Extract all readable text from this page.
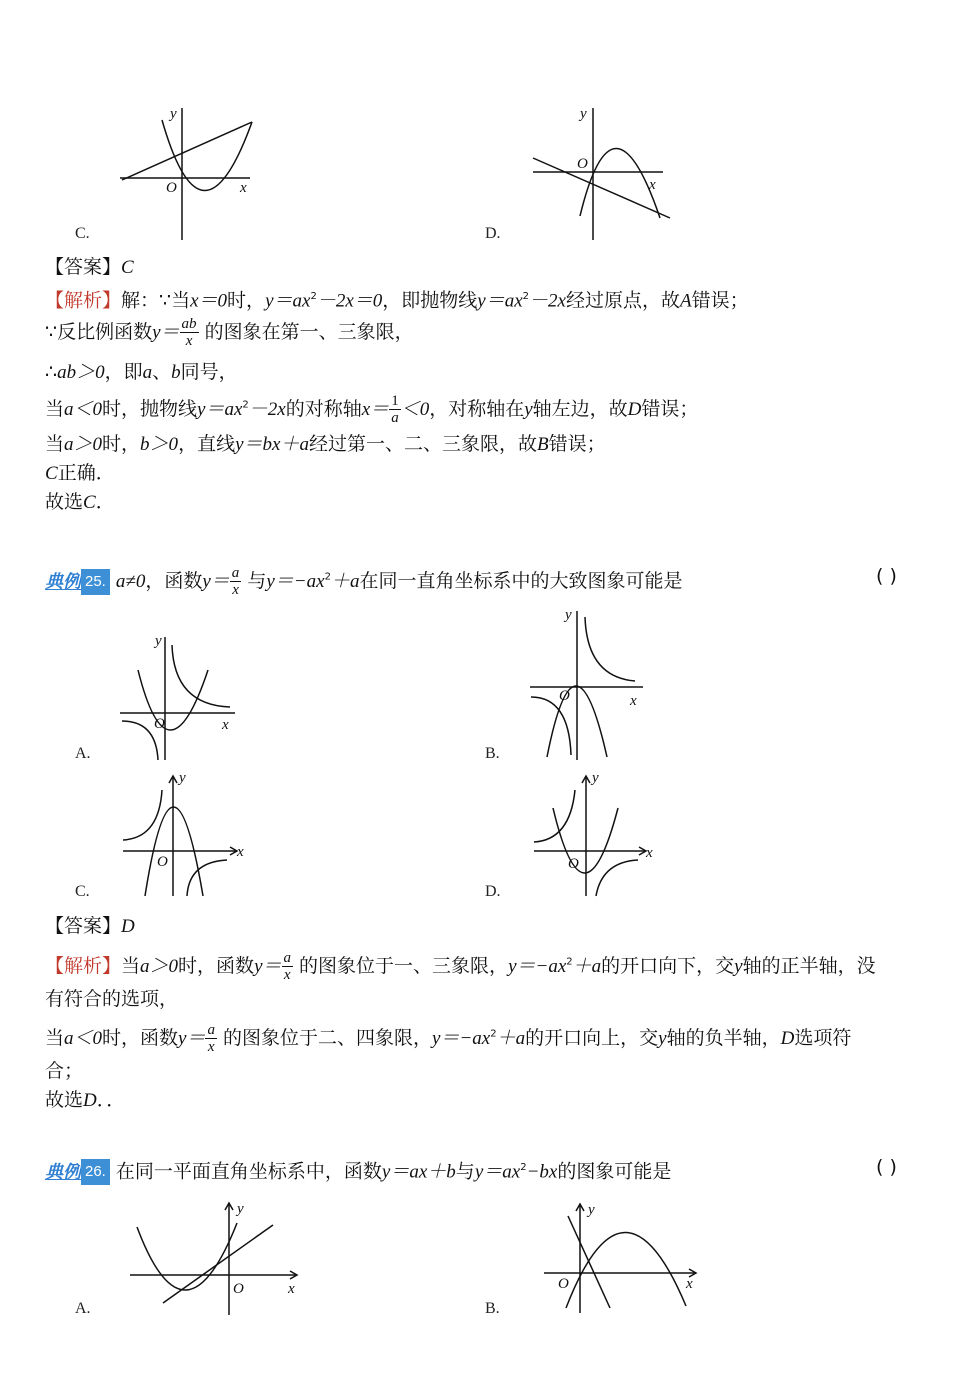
y
x
O
C.
y
x
O
D.
【答案】C
【解析】解：∵当x＝0时，$y=ax^2-2x=0$，即抛物线$y=ax^2-2x$经过原点，故A错误；
∵反比例函数$y= \frac{ab}{x}$ 的图象在第一、三象限，
∴ab＞0，即a、b同号，
当a＜0时，抛物线$y=ax^2-2x$的对称轴$x= \frac{1}{a} <0$，对称轴在y轴左边，故D错误；
当a＞0时，b＞0，直线y＝bx＋a经过第一、二、三象限，故B错误；
C正确．
故选C．
典例 25. a≠0，函数$y= \frac{a}{x}$ 与$y=-ax^2+a$在同一直角坐标系中的大致图象可能是	( )
y
x
O
A.
y
x
O
B.
y
x
O
C.
y
x
O
D.
【答案】D
【解析】当a＞0时，函数$y= \frac{a}{x}$ 的图象位于一、三象限，$y=-ax^2+a$的开口向下，交y轴的正半轴，没
有符合的选项，
当a＜0时，函数$y= \frac{a}{x}$ 的图象位于二、四象限，$y=-ax^2+a$的开口向上，交y轴的负半轴，D选项符
合；
故选D．．
典例 26. 在同一平面直角坐标系中，函数y＝ax＋b与$y=ax^2-bx$的图象可能是	( )
y
x
O
A.
y
x
O
B.
